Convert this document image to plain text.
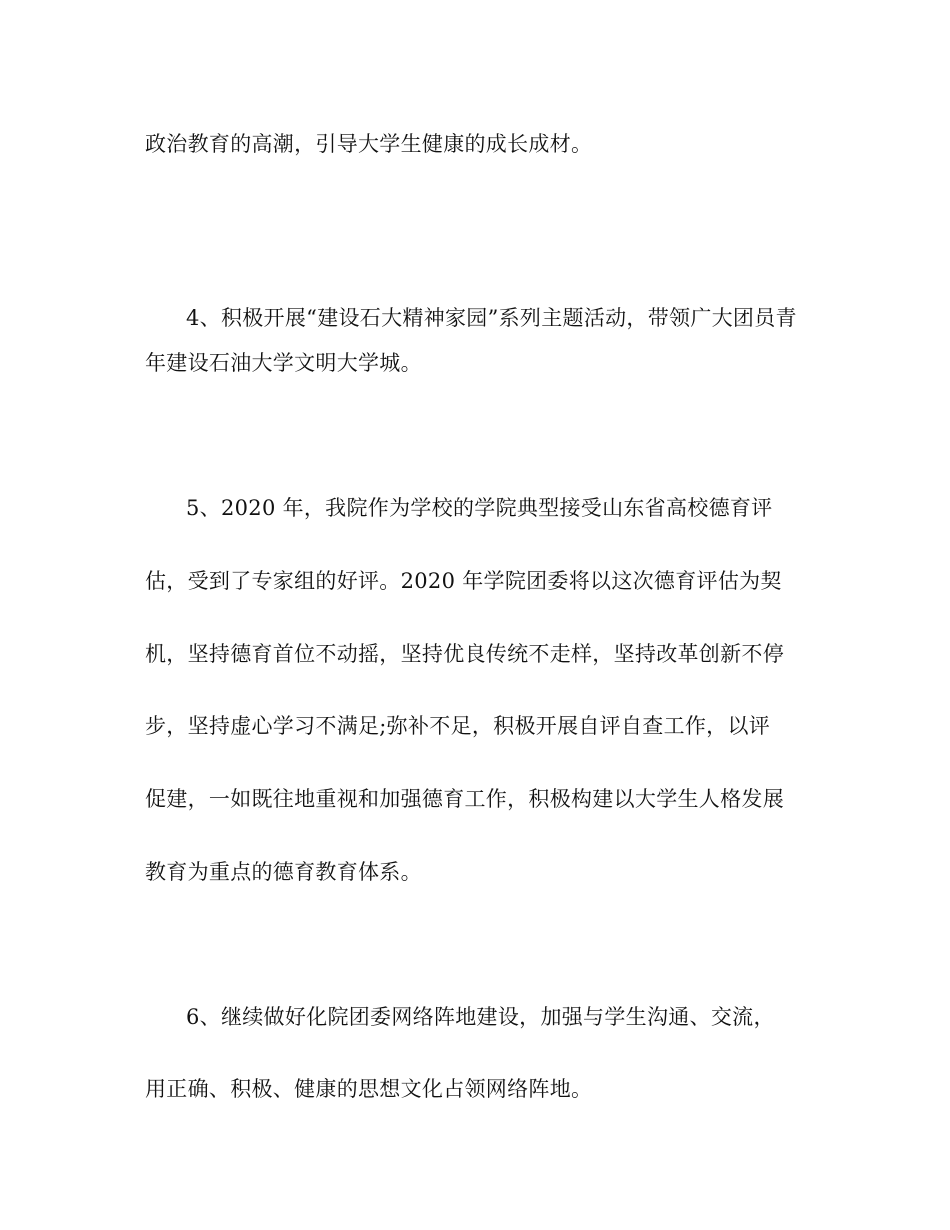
政治教育的高潮，引导大学生健康的成长成材。
4、积极开展“建设石大精神家园”系列主题活动，带领广大团员青
年建设石油大学文明大学城。
5、2020 年，我院作为学校的学院典型接受山东省高校德育评
估，受到了专家组的好评。2020 年学院团委将以这次德育评估为契
机，坚持德育首位不动摇，坚持优良传统不走样，坚持改革创新不停
步，坚持虚心学习不满足;弥补不足，积极开展自评自查工作，以评
促建，一如既往地重视和加强德育工作，积极构建以大学生人格发展
教育为重点的德育教育体系。
6、继续做好化院团委网络阵地建设，加强与学生沟通、交流，
用正确、积极、健康的思想文化占领网络阵地。
